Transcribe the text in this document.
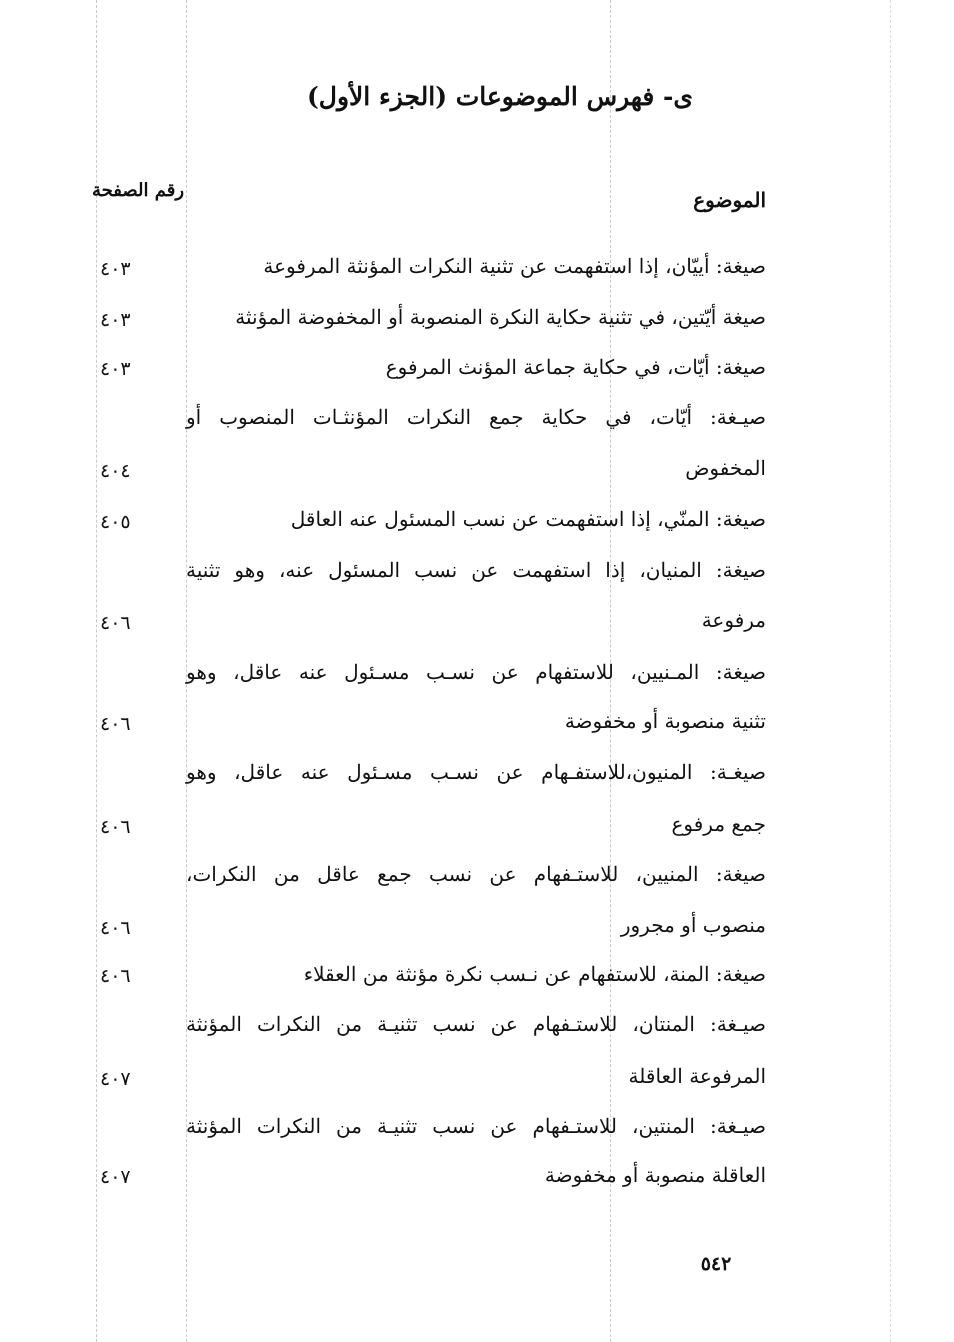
ى- فهرس الموضوعات (الجزء الأول)
الموضوع
رقم الصفحة
صيغة: أييّان، إذا استفهمت عن تثنية النكرات المؤنثة المرفوعة
٤٠٣
صيغة أيّتين، في تثنية حكاية النكرة المنصوبة أو المخفوضة المؤنثة
٤٠٣
صيغة: أيّات، في حكاية جماعة المؤنث المرفوع
٤٠٣
صيـغة: أيّات، في حكاية جمع النكرات المؤنثـات المنصوب أو
المخفوض
٤٠٤
صيغة: المنّي، إذا استفهمت عن نسب المسئول عنه العاقل
٤٠٥
صيغة: المنيان، إذا استفهمت عن نسب المسئول عنه، وهو تثنية
مرفوعة
٤٠٦
صيغة: المـنيين، للاستفهام عن نسـب مسـئول عنه عاقل، وهو
تثنية منصوبة أو مخفوضة
٤٠٦
صيغـة: المنيون،للاستفـهام عن نسـب مسـئول عنه عاقل، وهو
جمع مرفوع
٤٠٦
صيغة: المنيين، للاستـفهام عن نسب جمع عاقل من النكرات،
منصوب أو مجرور
٤٠٦
صيغة: المنة، للاستفهام عن نـسب نكرة مؤنثة من العقلاء
٤٠٦
صيـغة: المنتان، للاستـفهام عن نسب تثنيـة من النكرات المؤنثة
المرفوعة العاقلة
٤٠٧
صيـغة: المنتين، للاستـفهام عن نسب تثنيـة من النكرات المؤنثة
العاقلة منصوبة أو مخفوضة
٤٠٧
٥٤٢
